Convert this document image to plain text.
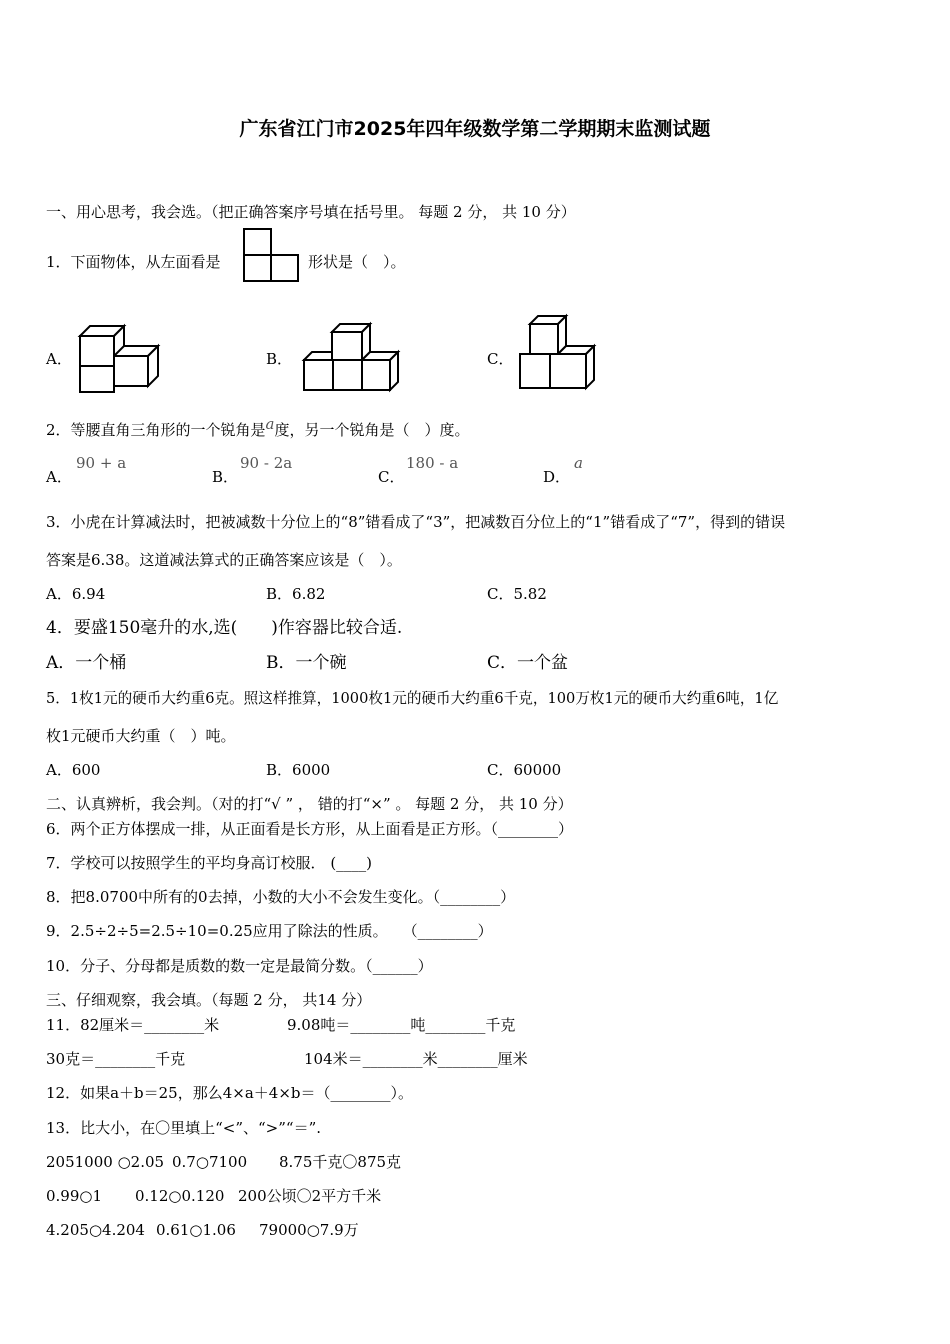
广东省江门市2025年四年级数学第二学期期末监测试题
一、用心思考，我会选。（把正确答案序号填在括号里。 每题 2 分， 共 10 分）
1．下面物体，从左面看是	形状是（　）。
A．	B．	C．
2．等腰直角三角形的一个锐角是a度，另一个锐角是（　）度。
A．
90 + a
B．
90 - 2a
C．
180 - a
D．
a
3．小虎在计算减法时，把被减数十分位上的“8”错看成了“3”，把减数百分位上的“1”错看成了“7”，得到的错误
答案是6.38。这道减法算式的正确答案应该是（　）。
A．6.94	B．6.82	C．5.82
4．要盛150毫升的水,选(　　)作容器比较合适.
A．一个桶	B．一个碗	C．一个盆
5．1枚1元的硬币大约重6克。照这样推算，1000枚1元的硬币大约重6千克，100万枚1元的硬币大约重6吨，1亿
枚1元硬币大约重（　）吨。
A．600	B．6000	C．60000
二、认真辨析，我会判。（对的打“√ ” ， 错的打“×” 。 每题 2 分， 共 10 分）
6．两个正方体摆成一排，从正面看是长方形，从上面看是正方形。（________）
7．学校可以按照学生的平均身高订校服． (____)
8．把8.0700中所有的0去掉，小数的大小不会发生变化。（________）
9．2.5÷2÷5=2.5÷10=0.25应用了除法的性质。　　（________）
10．分子、分母都是质数的数一定是最简分数。（______）
三、仔细观察，我会填。（每题 2 分， 共14 分）
11．82厘米＝________米	9.08吨＝________吨________千克
30克＝________千克	104米＝________米________厘米
12．如果a＋b＝25，那么4×a＋4×b＝（________）。
13．比大小，在〇里填上“<”、“>”“＝”.
2051000 ○2.05 0.7○7100 8.75千克〇875克
0.99○1 0.12○0.120 200公顷〇2平方千米
4.205○4.204 0.61○1.06 79000○7.9万
